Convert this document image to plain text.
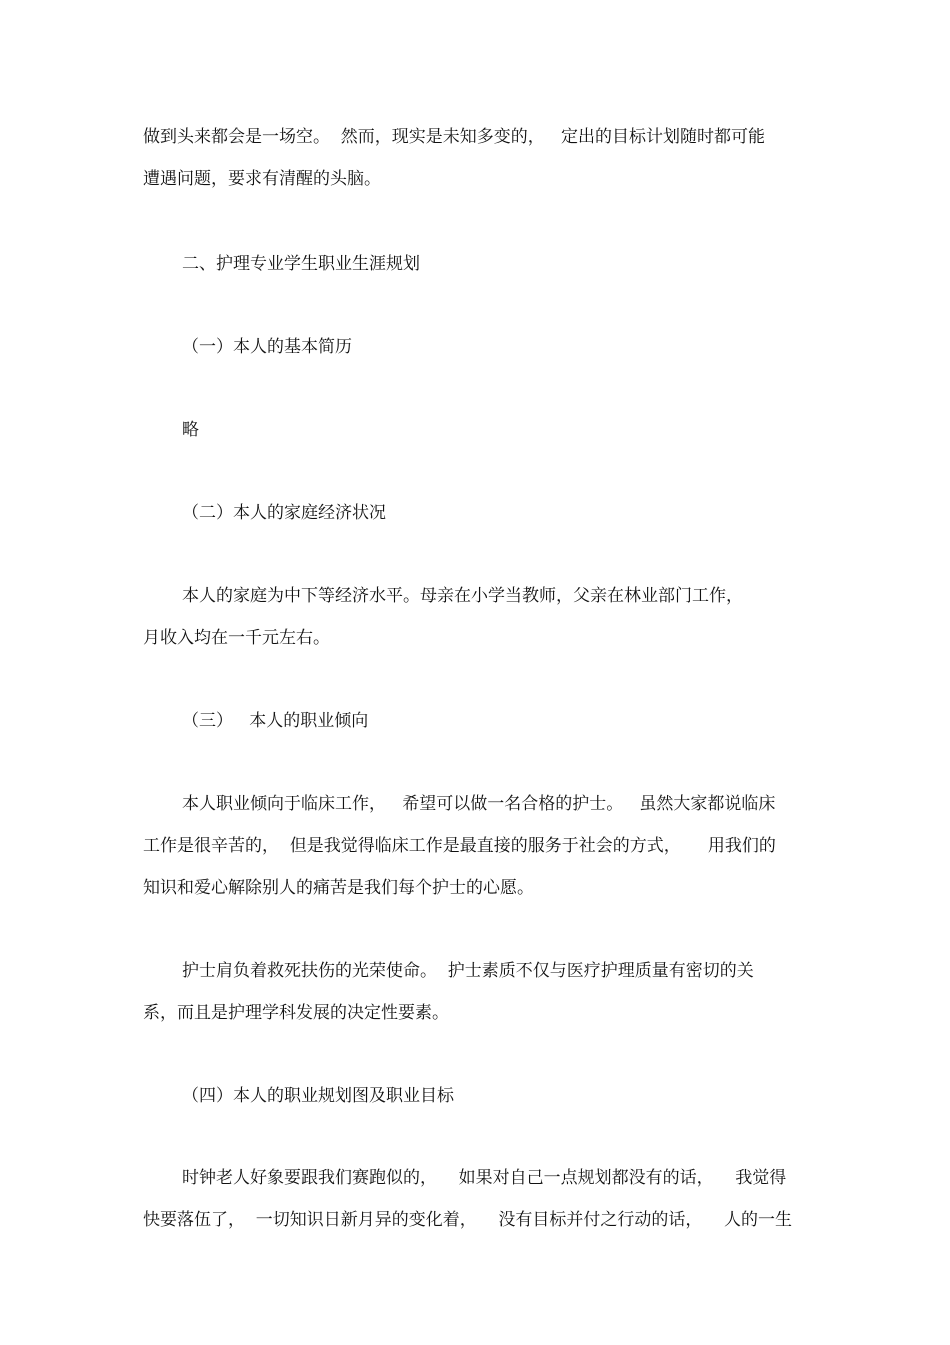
做到头来都会是一场空。  然而，现实是未知多变的，   定出的目标计划随时都可能
遭遇问题，要求有清醒的头脑。
二、护理专业学生职业生涯规划
（一）本人的基本简历
略
（二）本人的家庭经济状况
本人的家庭为中下等经济水平。母亲在小学当教师，父亲在林业部门工作，
月收入均在一千元左右。
（三）   本人的职业倾向
本人职业倾向于临床工作，   希望可以做一名合格的护士。   虽然大家都说临床
工作是很辛苦的，  但是我觉得临床工作是最直接的服务于社会的方式，     用我们的
知识和爱心解除别人的痛苦是我们每个护士的心愿。
护士肩负着救死扶伤的光荣使命。  护士素质不仅与医疗护理质量有密切的关
系，而且是护理学科发展的决定性要素。
（四）本人的职业规划图及职业目标
时钟老人好象要跟我们赛跑似的，    如果对自己一点规划都没有的话，    我觉得
快要落伍了，  一切知识日新月异的变化着，    没有目标并付之行动的话，    人的一生
